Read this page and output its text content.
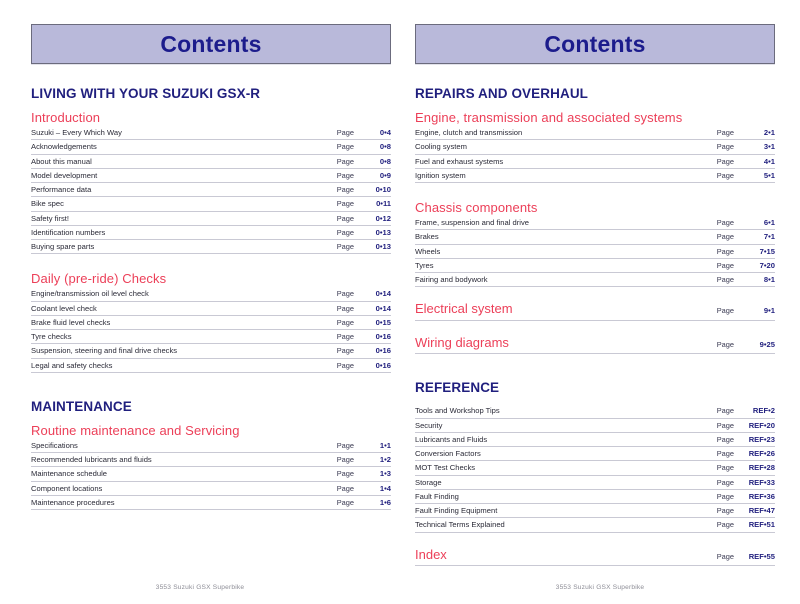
Contents
LIVING WITH YOUR SUZUKI GSX-R
Introduction
Suzuki – Every Which Way	Page	0•4
Acknowledgements	Page	0•8
About this manual	Page	0•8
Model development	Page	0•9
Performance data	Page	0•10
Bike spec	Page	0•11
Safety first!	Page	0•12
Identification numbers	Page	0•13
Buying spare parts	Page	0•13
Daily (pre-ride) Checks
Engine/transmission oil level check	Page	0•14
Coolant level check	Page	0•14
Brake fluid level checks	Page	0•15
Tyre checks	Page	0•16
Suspension, steering and final drive checks	Page	0•16
Legal and safety checks	Page	0•16
MAINTENANCE
Routine maintenance and Servicing
Specifications	Page	1•1
Recommended lubricants and fluids	Page	1•2
Maintenance schedule	Page	1•3
Component locations	Page	1•4
Maintenance procedures	Page	1•6
3553 Suzuki GSX Superbike
Contents
REPAIRS AND OVERHAUL
Engine, transmission and associated systems
Engine, clutch and transmission	Page	2•1
Cooling system	Page	3•1
Fuel and exhaust systems	Page	4•1
Ignition system	Page	5•1
Chassis components
Frame, suspension and final drive	Page	6•1
Brakes	Page	7•1
Wheels	Page	7•15
Tyres	Page	7•20
Fairing and bodywork	Page	8•1
Electrical system	Page	9•1
Wiring diagrams	Page	9•25
REFERENCE
Tools and Workshop Tips	Page	REF•2
Security	Page	REF•20
Lubricants and Fluids	Page	REF•23
Conversion Factors	Page	REF•26
MOT Test Checks	Page	REF•28
Storage	Page	REF•33
Fault Finding	Page	REF•36
Fault Finding Equipment	Page	REF•47
Technical Terms Explained	Page	REF•51
Index	Page	REF•55
3553 Suzuki GSX Superbike
